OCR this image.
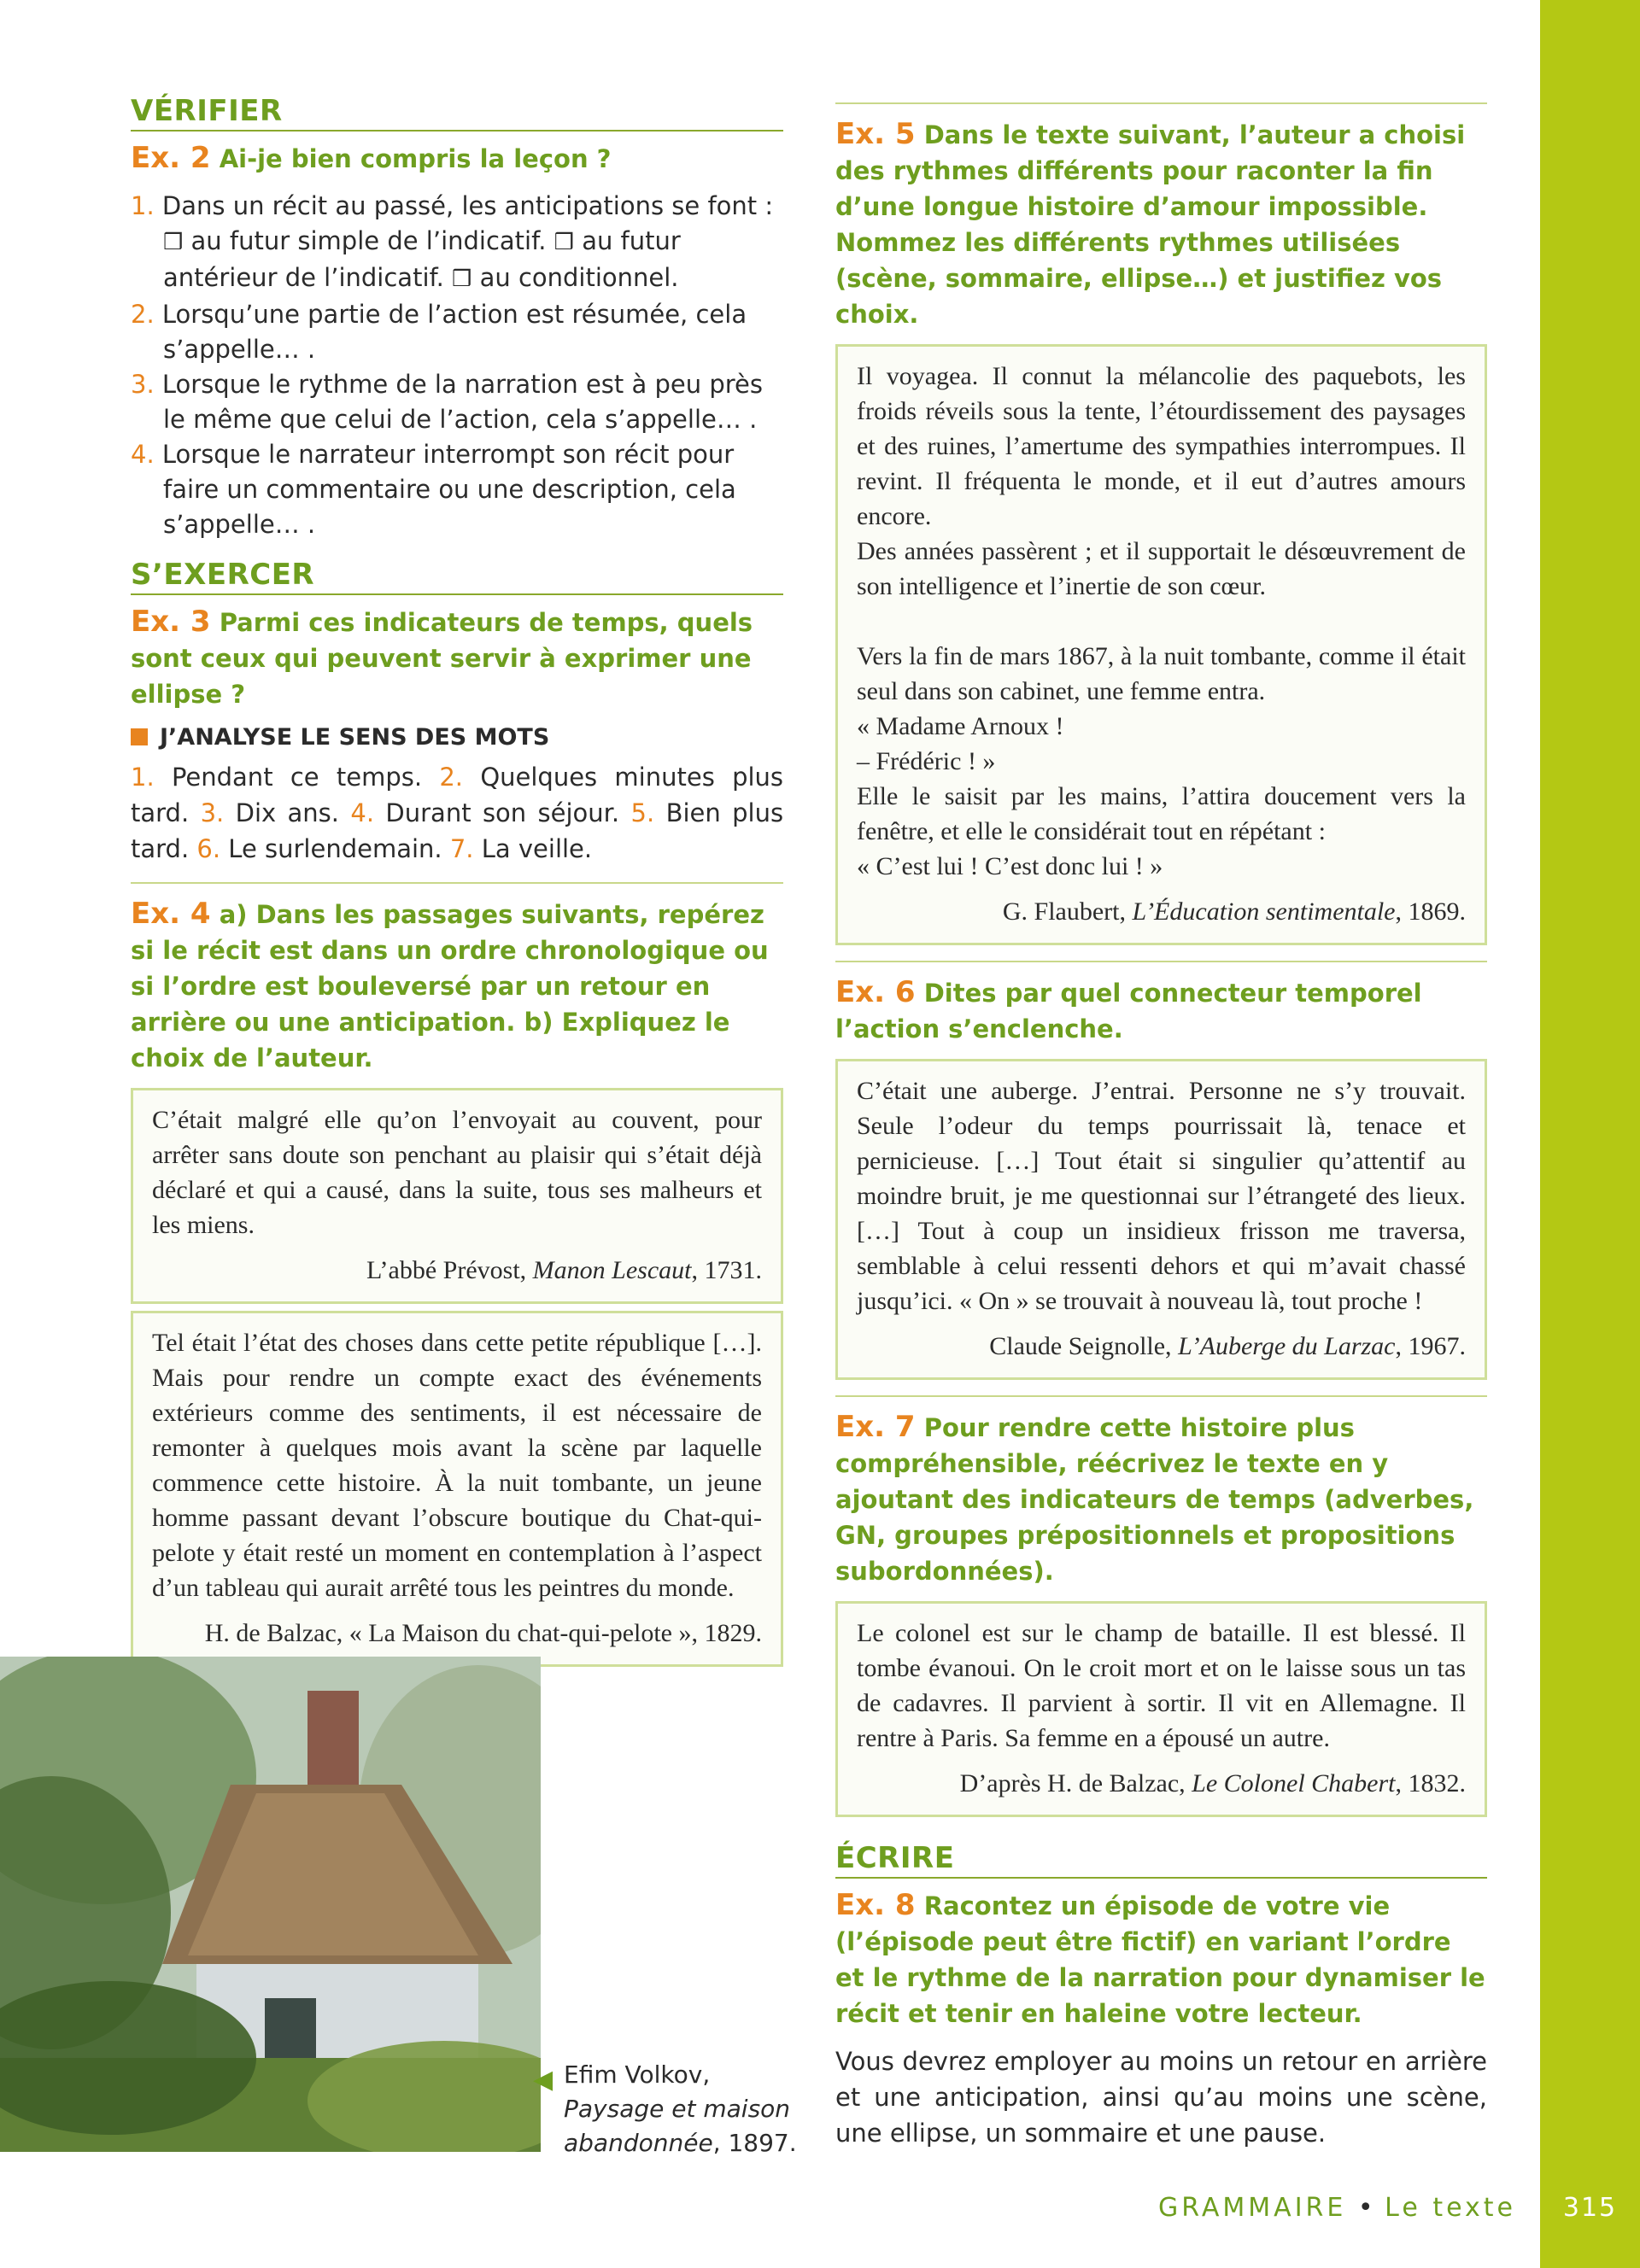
VÉRIFIER
Ex. 2 Ai-je bien compris la leçon ?
1. Dans un récit au passé, les anticipations se font : ❒ au futur simple de l’indicatif. ❒ au futur antérieur de l’indicatif. ❒ au conditionnel.
2. Lorsqu’une partie de l’action est résumée, cela s’appelle… .
3. Lorsque le rythme de la narration est à peu près le même que celui de l’action, cela s’appelle… .
4. Lorsque le narrateur interrompt son récit pour faire un commentaire ou une description, cela s’appelle… .
S’EXERCER
Ex. 3 Parmi ces indicateurs de temps, quels sont ceux qui peuvent servir à exprimer une ellipse ?
J’ANALYSE LE SENS DES MOTS
1. Pendant ce temps. 2. Quelques minutes plus tard. 3. Dix ans. 4. Durant son séjour. 5. Bien plus tard. 6. Le surlendemain. 7. La veille.
Ex. 4 a) Dans les passages suivants, repérez si le récit est dans un ordre chronologique ou si l’ordre est bouleversé par un retour en arrière ou une anticipation. b) Expliquez le choix de l’auteur.

C’était malgré elle qu’on l’envoyait au couvent, pour arrêter sans doute son penchant au plaisir qui s’était déjà déclaré et qui a causé, dans la suite, tous ses malheurs et les miens.

L’abbé Prévost, Manon Lescaut, 1731.

Tel était l’état des choses dans cette petite république […]. Mais pour rendre un compte exact des événements extérieurs comme des sentiments, il est nécessaire de remonter à quelques mois avant la scène par laquelle commence cette histoire. À la nuit tombante, un jeune homme passant devant l’obscure boutique du Chat-qui-pelote y était resté un moment en contemplation à l’aspect d’un tableau qui aurait arrêté tous les peintres du monde.

H. de Balzac, « La Maison du chat-qui-pelote », 1829.
◀ Efim Volkov,
Paysage et maison abandonnée, 1897.
Ex. 5 Dans le texte suivant, l’auteur a choisi des rythmes différents pour raconter la fin d’une longue histoire d’amour impossible. Nommez les différents rythmes utilisées (scène, sommaire, ellipse…) et justifiez vos choix.

Il voyagea. Il connut la mélancolie des paquebots, les froids réveils sous la tente, l’étourdissement des paysages et des ruines, l’amertume des sympathies interrompues. Il revint. Il fréquenta le monde, et il eut d’autres amours encore.

Des années passèrent ; et il supportait le désœuvrement de son intelligence et l’inertie de son cœur.

Vers la fin de mars 1867, à la nuit tombante, comme il était seul dans son cabinet, une femme entra.

« Madame Arnoux !

– Frédéric ! »

Elle le saisit par les mains, l’attira doucement vers la fenêtre, et elle le considérait tout en répétant :

« C’est lui ! C’est donc lui ! »

G. Flaubert, L’Éducation sentimentale, 1869.
Ex. 6 Dites par quel connecteur temporel l’action s’enclenche.

C’était une auberge. J’entrai. Personne ne s’y trouvait. Seule l’odeur du temps pourrissait là, tenace et pernicieuse. […] Tout était si singulier qu’attentif au moindre bruit, je me questionnai sur l’étrangeté des lieux. […] Tout à coup un insidieux frisson me traversa, semblable à celui ressenti dehors et qui m’avait chassé jusqu’ici. « On » se trouvait à nouveau là, tout proche !

Claude Seignolle, L’Auberge du Larzac, 1967.
Ex. 7 Pour rendre cette histoire plus compréhensible, réécrivez le texte en y ajoutant des indicateurs de temps (adverbes, GN, groupes prépositionnels et propositions subordonnées).

Le colonel est sur le champ de bataille. Il est blessé. Il tombe évanoui. On le croit mort et on le laisse sous un tas de cadavres. Il parvient à sortir. Il vit en Allemagne. Il rentre à Paris. Sa femme en a épousé un autre.

D’après H. de Balzac, Le Colonel Chabert, 1832.
ÉCRIRE
Ex. 8 Racontez un épisode de votre vie (l’épisode peut être fictif) en variant l’ordre et le rythme de la narration pour dynamiser le récit et tenir en haleine votre lecteur.
Vous devrez employer au moins un retour en arrière et une anticipation, ainsi qu’au moins une scène, une ellipse, un sommaire et une pause.
GRAMMAIRE • Le texte	315
